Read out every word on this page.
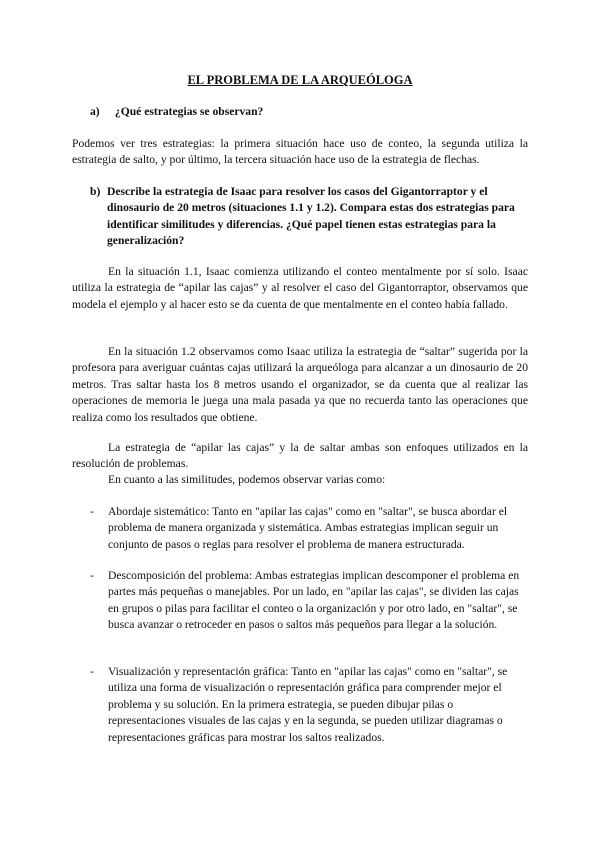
EL PROBLEMA DE LA ARQUEÓLOGA
a) ¿Qué estrategias se observan?
Podemos ver tres estrategias: la primera situación hace uso de conteo, la segunda utiliza la estrategia de salto, y por último, la tercera situación hace uso de la estrategia de flechas.
b) Describe la estrategia de Isaac para resolver los casos del Gigantorraptor y el dinosaurio de 20 metros (situaciones 1.1 y 1.2). Compara estas dos estrategias para identificar similitudes y diferencias. ¿Qué papel tienen estas estrategias para la generalización?
En la situación 1.1, Isaac comienza utilizando el conteo mentalmente por sí solo. Isaac utiliza la estrategia de “apilar las cajas” y al resolver el caso del Gigantorraptor, observamos que modela el ejemplo y al hacer esto se da cuenta de que mentalmente en el conteo había fallado.
En la situación 1.2 observamos como Isaac utiliza la estrategia de “saltar” sugerida por la profesora para averiguar cuántas cajas utilizará la arqueóloga para alcanzar a un dinosaurio de 20 metros. Tras saltar hasta los 8 metros usando el organizador, se da cuenta que al realizar las operaciones de memoria le juega una mala pasada ya que no recuerda tanto las operaciones que realiza como los resultados que obtiene.
La estrategia de “apilar las cajas” y la de saltar ambas son enfoques utilizados en la resolución de problemas.
En cuanto a las similitudes, podemos observar varias como:
- Abordaje sistemático: Tanto en "apilar las cajas" como en "saltar", se busca abordar el problema de manera organizada y sistemática. Ambas estrategias implican seguir un conjunto de pasos o reglas para resolver el problema de manera estructurada.
- Descomposición del problema: Ambas estrategias implican descomponer el problema en partes más pequeñas o manejables. Por un lado, en "apilar las cajas", se dividen las cajas en grupos o pilas para facilitar el conteo o la organización y por otro lado, en "saltar", se busca avanzar o retroceder en pasos o saltos más pequeños para llegar a la solución.
- Visualización y representación gráfica: Tanto en "apilar las cajas" como en "saltar", se utiliza una forma de visualización o representación gráfica para comprender mejor el problema y su solución. En la primera estrategia, se pueden dibujar pilas o representaciones visuales de las cajas y en la segunda, se pueden utilizar diagramas o representaciones gráficas para mostrar los saltos realizados.
